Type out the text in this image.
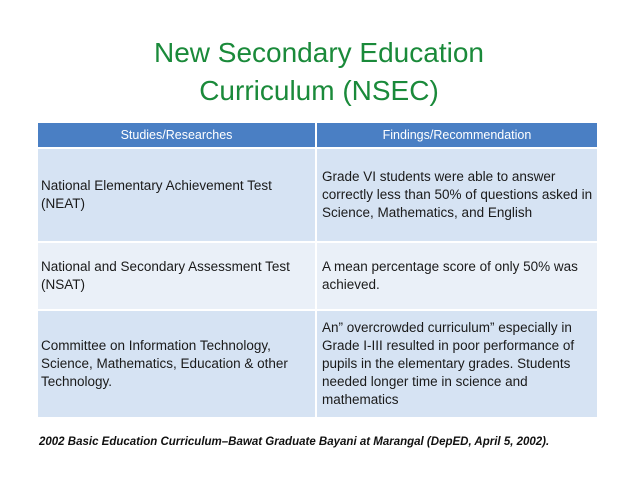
New Secondary Education
Curriculum (NSEC)
Studies/Researches	Findings/Recommendation
National Elementary Achievement Test (NEAT)	Grade VI students were able to answer correctly less than 50% of questions asked in Science, Mathematics, and English
National and Secondary Assessment Test (NSAT)	A mean percentage score of only 50% was achieved.
Committee on Information Technology, Science, Mathematics, Education & other Technology.	An” overcrowded curriculum” especially in Grade I-III resulted in poor performance of pupils in the elementary grades. Students needed longer time in science and mathematics
2002 Basic Education Curriculum–Bawat Graduate Bayani at Marangal (DepED, April 5, 2002).
